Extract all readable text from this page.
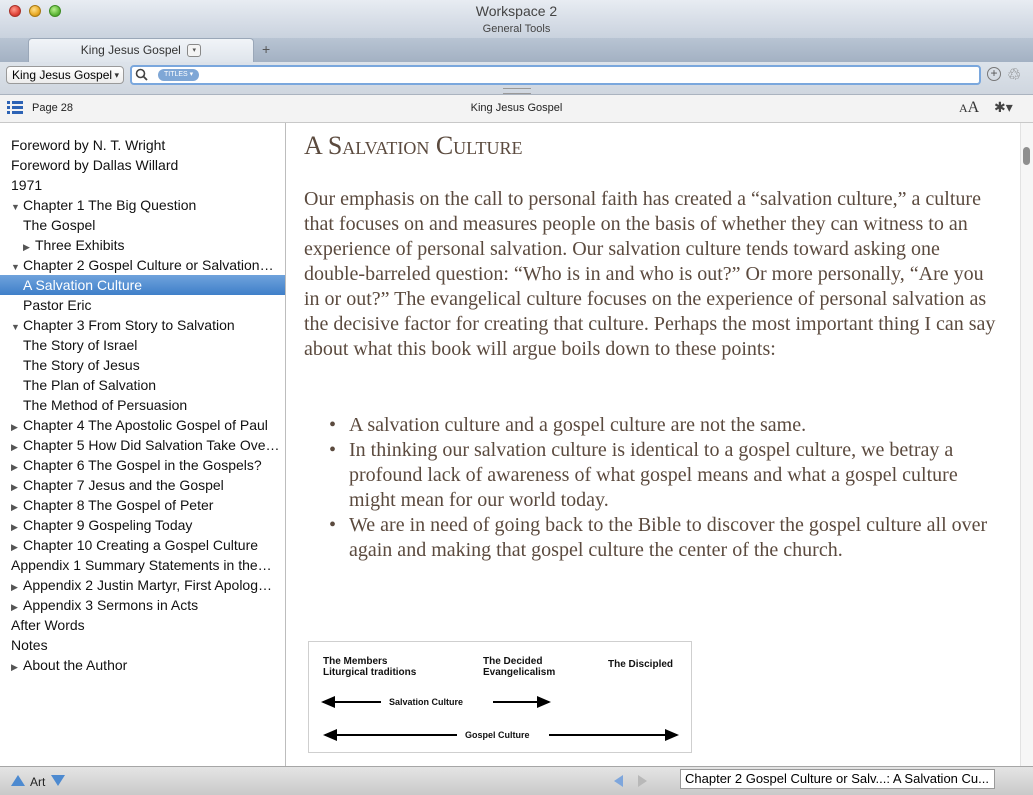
Workspace 2
General Tools
King Jesus Gospel ▾	+
King Jesus Gospel ▾	TITLES ▾	+ ♲
Page 28	King Jesus Gospel	AA ✱▾
Foreword by N. T. Wright
Foreword by Dallas Willard
1971
▼ Chapter 1 The Big Question
The Gospel
▶ Three Exhibits
▼ Chapter 2 Gospel Culture or Salvation…
A Salvation Culture
Pastor Eric
▼ Chapter 3 From Story to Salvation
The Story of Israel
The Story of Jesus
The Plan of Salvation
The Method of Persuasion
▶ Chapter 4 The Apostolic Gospel of Paul
▶ Chapter 5 How Did Salvation Take Ove…
▶ Chapter 6 The Gospel in the Gospels?
▶ Chapter 7 Jesus and the Gospel
▶ Chapter 8 The Gospel of Peter
▶ Chapter 9 Gospeling Today
▶ Chapter 10 Creating a Gospel Culture
Appendix 1 Summary Statements in the…
▶ Appendix 2 Justin Martyr, First Apolog…
▶ Appendix 3 Sermons in Acts
After Words
Notes
▶ About the Author
A Salvation Culture

Our emphasis on the call to personal faith has created a “salvation culture,” a culture that focuses on and measures people on the basis of whether they can witness to an experience of personal salvation. Our salvation culture tends toward asking one double-barreled question: “Who is in and who is out?” Or more personally, “Are you in or out?” The evangelical culture focuses on the experience of personal salvation as the decisive factor for creating that culture. Perhaps the most important thing I can say about what this book will argue boils down to these points:

• A salvation culture and a gospel culture are not the same.
• In thinking our salvation culture is identical to a gospel culture, we betray a profound lack of awareness of what gospel means and what a gospel culture might mean for our world today.
• We are in need of going back to the Bible to discover the gospel culture all over again and making that gospel culture the center of the church.
The Members
Liturgical traditions
The Decided
Evangelicalism
The Discipled
Salvation Culture
Gospel Culture
Art	Chapter 2 Gospel Culture or Salv...: A Salvation Cu...
